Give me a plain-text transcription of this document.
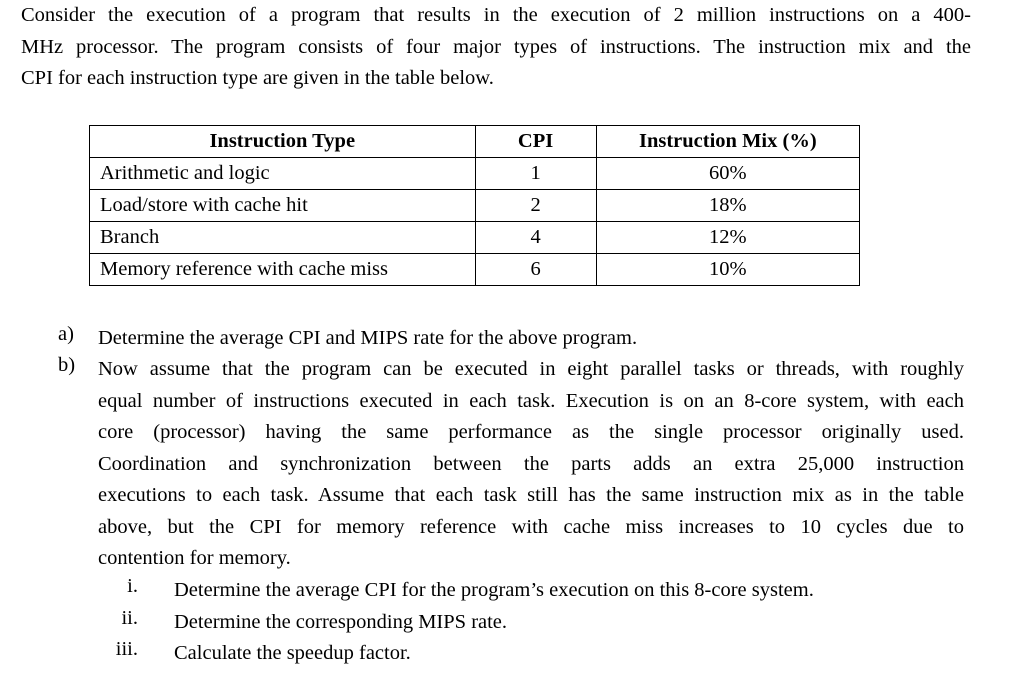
Consider the execution of a program that results in the execution of 2 million instructions on a 400-
MHz processor. The program consists of four major types of instructions. The instruction mix and the
CPI for each instruction type are given in the table below.
Instruction Type	CPI	Instruction Mix (%)
Arithmetic and logic	1	60%
Load/store with cache hit	2	18%
Branch	4	12%
Memory reference with cache miss	6	10%
a) Determine the average CPI and MIPS rate for the above program.
b) Now assume that the program can be executed in eight parallel tasks or threads, with roughly
equal number of instructions executed in each task. Execution is on an 8-core system, with each
core (processor) having the same performance as the single processor originally used.
Coordination and synchronization between the parts adds an extra 25,000 instruction
executions to each task. Assume that each task still has the same instruction mix as in the table
above, but the CPI for memory reference with cache miss increases to 10 cycles due to
contention for memory.
i. Determine the average CPI for the program’s execution on this 8-core system.
ii. Determine the corresponding MIPS rate.
iii. Calculate the speedup factor.
